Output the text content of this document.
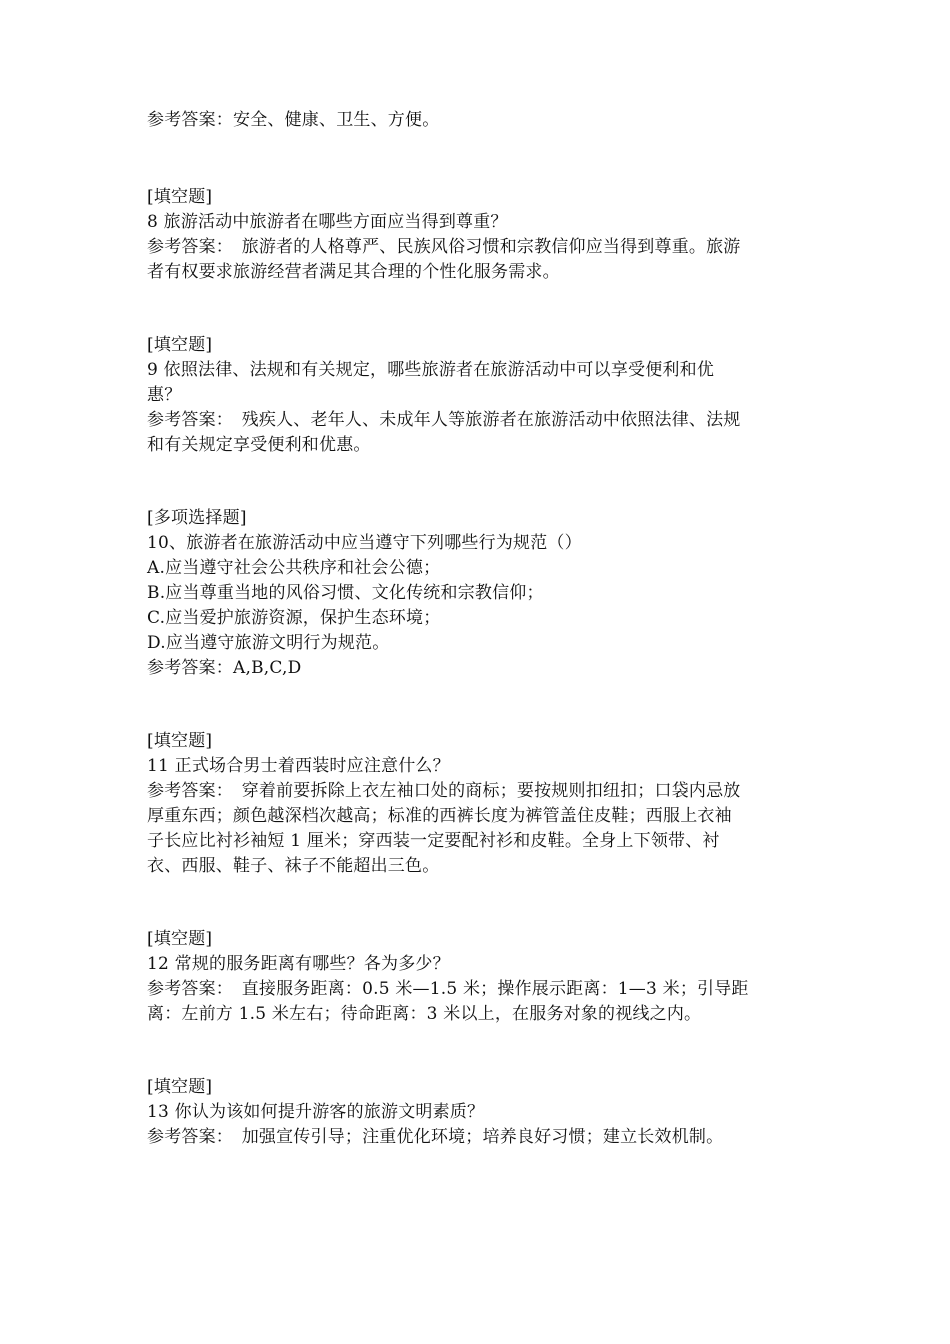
参考答案：安全、健康、卫生、方便。
[填空题]
8 旅游活动中旅游者在哪些方面应当得到尊重？
参考答案：　旅游者的人格尊严、民族风俗习惯和宗教信仰应当得到尊重。旅游
者有权要求旅游经营者满足其合理的个性化服务需求。
[填空题]
9 依照法律、法规和有关规定，哪些旅游者在旅游活动中可以享受便利和优
惠？
参考答案：　残疾人、老年人、未成年人等旅游者在旅游活动中依照法律、法规
和有关规定享受便利和优惠。
[多项选择题]
10、旅游者在旅游活动中应当遵守下列哪些行为规范（）
A.应当遵守社会公共秩序和社会公德；
B.应当尊重当地的风俗习惯、文化传统和宗教信仰；
C.应当爱护旅游资源，保护生态环境；
D.应当遵守旅游文明行为规范。
参考答案：A,B,C,D
[填空题]
11 正式场合男士着西装时应注意什么？
参考答案：　穿着前要拆除上衣左袖口处的商标；要按规则扣纽扣；口袋内忌放
厚重东西；颜色越深档次越高；标准的西裤长度为裤管盖住皮鞋；西服上衣袖
子长应比衬衫袖短 1 厘米；穿西装一定要配衬衫和皮鞋。全身上下领带、衬
衣、西服、鞋子、袜子不能超出三色。
[填空题]
12 常规的服务距离有哪些？各为多少？
参考答案：　直接服务距离：0.5 米—1.5 米；操作展示距离：1—3 米；引导距
离：左前方 1.5 米左右；待命距离：3 米以上，在服务对象的视线之内。
[填空题]
13 你认为该如何提升游客的旅游文明素质？
参考答案：　加强宣传引导；注重优化环境；培养良好习惯；建立长效机制。
